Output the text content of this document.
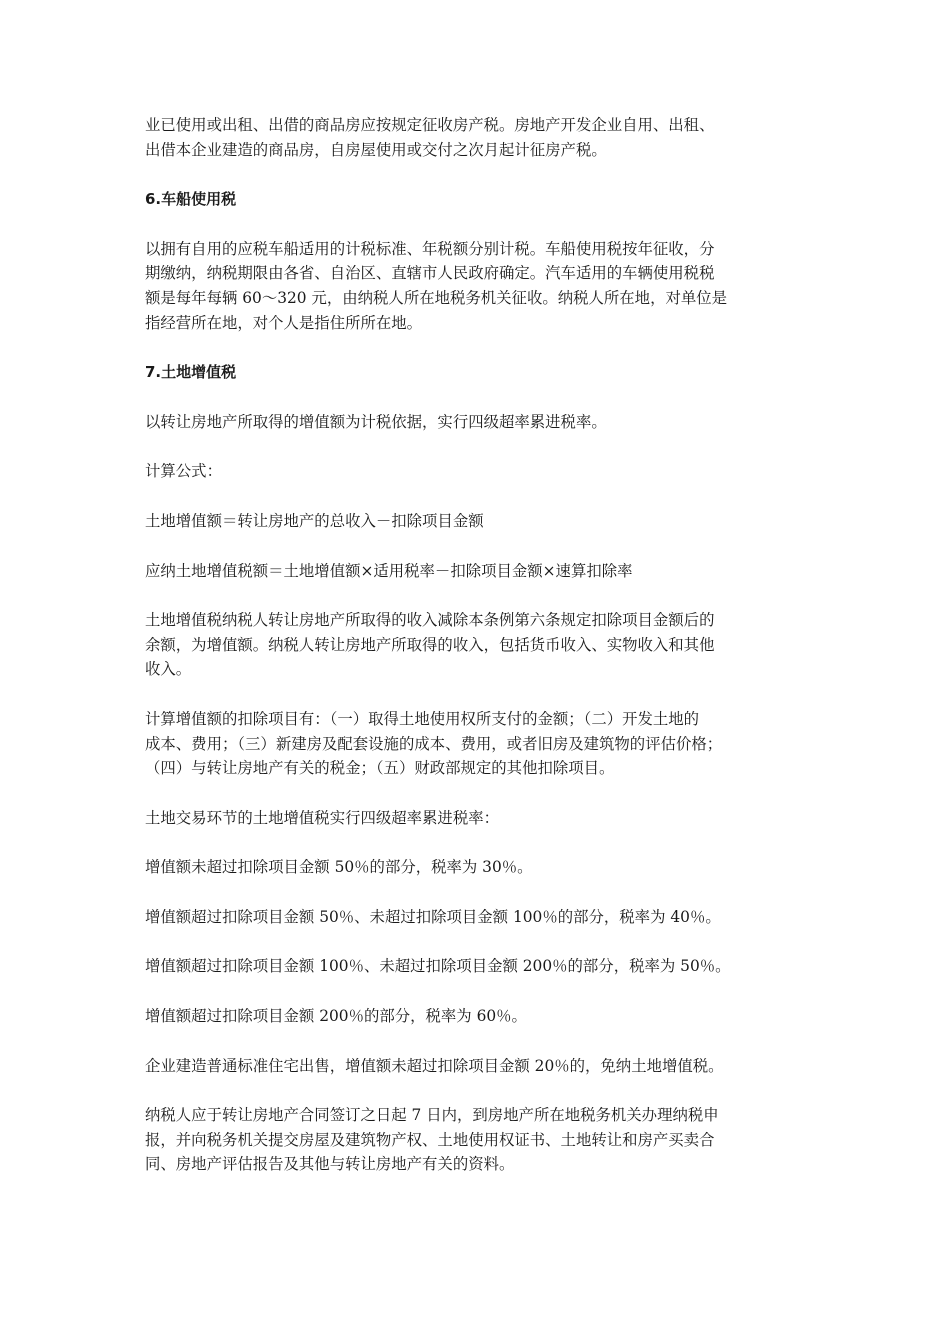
业已使用或出租、出借的商品房应按规定征收房产税。房地产开发企业自用、出租、
出借本企业建造的商品房，自房屋使用或交付之次月起计征房产税。
6.车船使用税
以拥有自用的应税车船适用的计税标准、年税额分别计税。车船使用税按年征收，分
期缴纳，纳税期限由各省、自治区、直辖市人民政府确定。汽车适用的车辆使用税税
额是每年每辆 60～320 元，由纳税人所在地税务机关征收。纳税人所在地，对单位是
指经营所在地，对个人是指住所所在地。
7.土地增值税
以转让房地产所取得的增值额为计税依据，实行四级超率累进税率。
计算公式：
土地增值额＝转让房地产的总收入－扣除项目金额
应纳土地增值税额＝土地增值额×适用税率－扣除项目金额×速算扣除率
土地增值税纳税人转让房地产所取得的收入减除本条例第六条规定扣除项目金额后的
余额，为增值额。纳税人转让房地产所取得的收入，包括货币收入、实物收入和其他
收入。
计算增值额的扣除项目有：（一）取得土地使用权所支付的金额；（二）开发土地的
成本、费用；（三）新建房及配套设施的成本、费用，或者旧房及建筑物的评估价格；
（四）与转让房地产有关的税金；（五）财政部规定的其他扣除项目。
土地交易环节的土地增值税实行四级超率累进税率：
增值额未超过扣除项目金额 50％的部分，税率为 30％。
增值额超过扣除项目金额 50％、未超过扣除项目金额 100％的部分，税率为 40％。
增值额超过扣除项目金额 100％、未超过扣除项目金额 200％的部分，税率为 50％。
增值额超过扣除项目金额 200％的部分，税率为 60％。
企业建造普通标准住宅出售，增值额未超过扣除项目金额 20％的，免纳土地增值税。
纳税人应于转让房地产合同签订之日起 7 日内，到房地产所在地税务机关办理纳税申
报，并向税务机关提交房屋及建筑物产权、土地使用权证书、土地转让和房产买卖合
同、房地产评估报告及其他与转让房地产有关的资料。
